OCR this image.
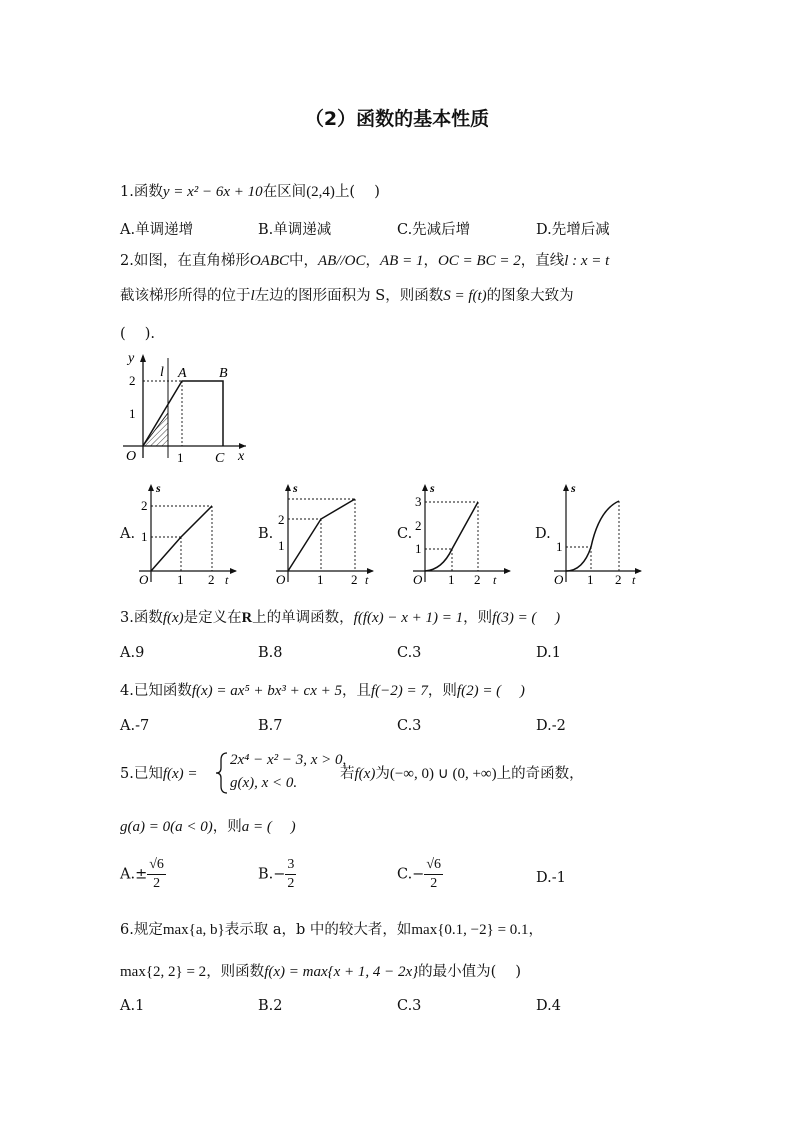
（2）函数的基本性质
1.函数y = x² − 6x + 10在区间(2,4)上(　 )
A.单调递增	B.单调递减	C.先减后增	D.先增后减
2.如图，在直角梯形OABC中，AB//OC，AB = 1，OC = BC = 2，直线l : x = t
截该梯形所得的位于l左边的图形面积为 S，则函数S = f(t)的图象大致为
(　 ).
y
x
O
A B
C
l
1
1
2
A.	B.	C.	D.
s
t
O 1 2
1
2
s
t
O 1 2
1
2
s
t
O 1 2
1
2
3
s
t
O 1 2
1
3.函数f(x)是定义在R上的单调函数，f(f(x) − x + 1) = 1，则f(3) = (　 )
A.9	B.8	C.3	D.1
4.已知函数f(x) = ax⁵ + bx³ + cx + 5，且f(−2) = 7，则f(2) = (　 )
A.-7	B.7	C.3	D.-2
5.已知f(x) =
2x⁴ − x² − 3, x > 0,
g(x), x < 0.
若f(x)为(−∞, 0) ∪ (0, +∞)上的奇函数，
g(a) = 0(a < 0)，则a = (　 )
$A.\pm \frac{√6}{2}$	$B.- \frac{3}{2}$	$C.- \frac{√6}{2}$	D.-1
6.规定max{a, b}表示取 a，b 中的较大者，如max{0.1, −2} = 0.1，
max{2, 2} = 2，则函数f(x) = max{x + 1, 4 − 2x}的最小值为(　 )
A.1	B.2	C.3	D.4
